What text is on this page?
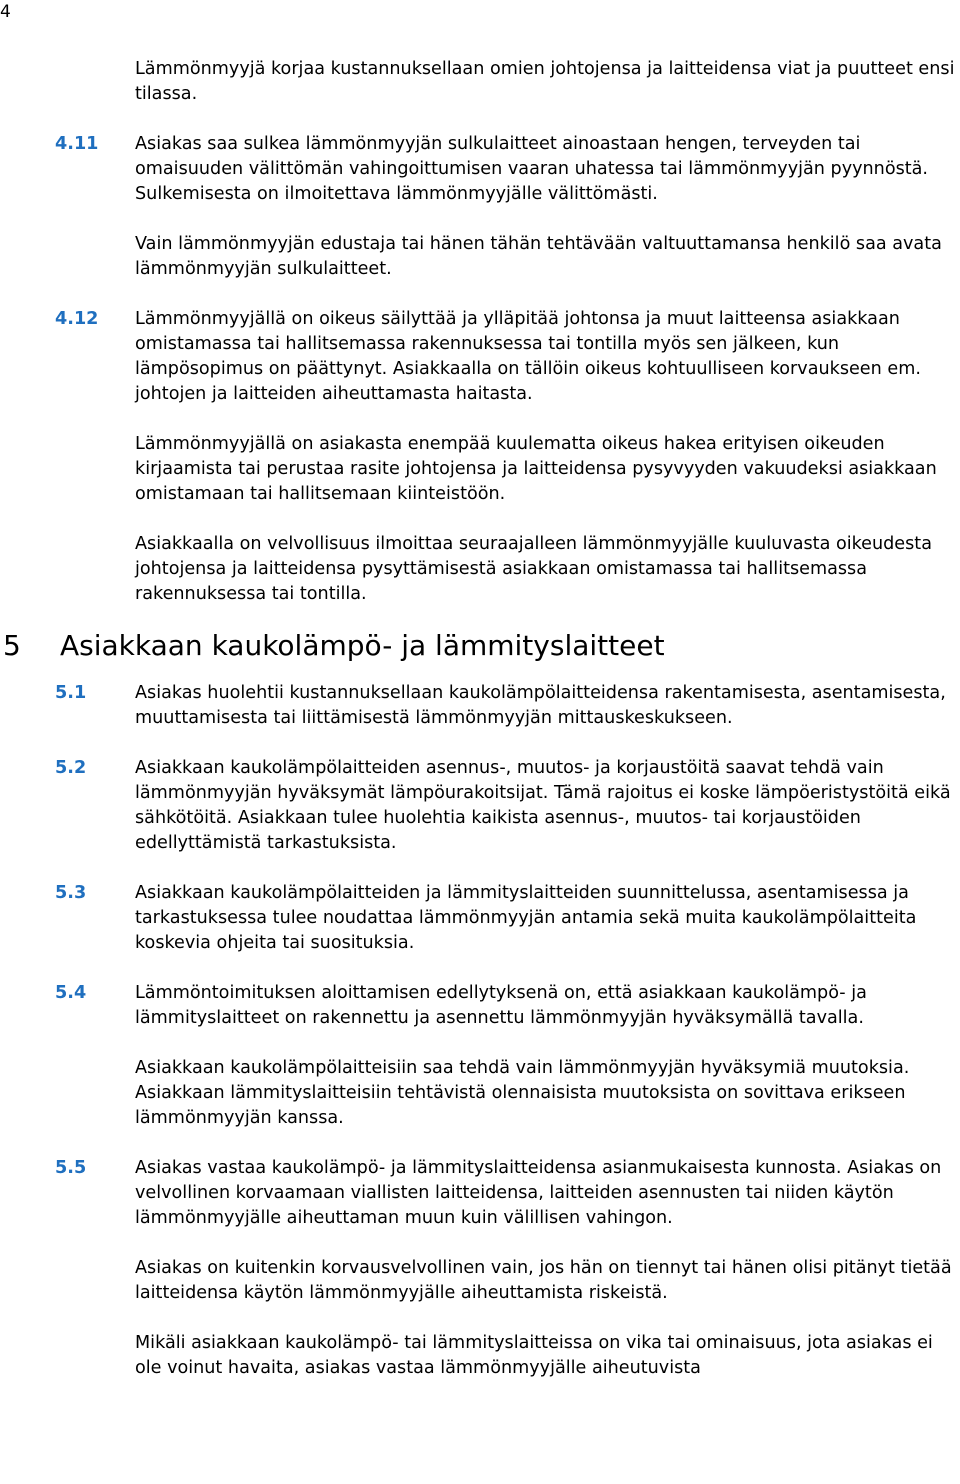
4

Lämmönmyyjä korjaa kustannuksellaan omien johtojensa ja laitteidensa viat ja puutteet ensi tilassa.

4.11	Asiakas saa sulkea lämmönmyyjän sulkulaitteet ainoastaan hengen, terveyden tai omaisuuden välittömän vahingoittumisen vaaran uhatessa tai lämmönmyyjän pyynnöstä. Sulkemisesta on ilmoitettava lämmönmyyjälle välittömästi.

Vain lämmönmyyjän edustaja tai hänen tähän tehtävään valtuuttamansa henkilö saa avata lämmönmyyjän sulkulaitteet.

4.12	Lämmönmyyjällä on oikeus säilyttää ja ylläpitää johtonsa ja muut laitteensa asiakkaan omistamassa tai hallitsemassa rakennuksessa tai tontilla myös sen jälkeen, kun lämpösopimus on päättynyt. Asiakkaalla on tällöin oikeus kohtuulliseen korvaukseen em. johtojen ja laitteiden aiheuttamasta haitasta.

Lämmönmyyjällä on asiakasta enempää kuulematta oikeus hakea erityisen oikeuden kirjaamista tai perustaa rasite johtojensa ja laitteidensa pysyvyyden vakuudeksi asiakkaan omistamaan tai hallitsemaan kiinteistöön.

Asiakkaalla on velvollisuus ilmoittaa seuraajalleen lämmönmyyjälle kuuluvasta oikeudesta johtojensa ja laitteidensa pysyttämisestä asiakkaan omistamassa tai hallitsemassa rakennuksessa tai tontilla.

5 Asiakkaan kaukolämpö- ja lämmityslaitteet
5.1	Asiakas huolehtii kustannuksellaan kaukolämpölaitteidensa rakentamisesta, asentamisesta, muuttamisesta tai liittämisestä lämmönmyyjän mittauskeskukseen.

5.2	Asiakkaan kaukolämpölaitteiden asennus-, muutos- ja korjaustöitä saavat tehdä vain lämmönmyyjän hyväksymät lämpöurakoitsijat. Tämä rajoitus ei koske lämpöeristystöitä eikä sähkötöitä. Asiakkaan tulee huolehtia kaikista asennus-, muutos- tai korjaustöiden edellyttämistä tarkastuksista.

5.3	Asiakkaan kaukolämpölaitteiden ja lämmityslaitteiden suunnittelussa, asentamisessa ja tarkastuksessa tulee noudattaa lämmönmyyjän antamia sekä muita kaukolämpölaitteita koskevia ohjeita tai suosituksia.

5.4	Lämmöntoimituksen aloittamisen edellytyksenä on, että asiakkaan kaukolämpö- ja lämmityslaitteet on rakennettu ja asennettu lämmönmyyjän hyväksymällä tavalla.

Asiakkaan kaukolämpölaitteisiin saa tehdä vain lämmönmyyjän hyväksymiä muutoksia. Asiakkaan lämmityslaitteisiin tehtävistä olennaisista muutoksista on sovittava erikseen lämmönmyyjän kanssa.

5.5	Asiakas vastaa kaukolämpö- ja lämmityslaitteidensa asianmukaisesta kunnosta. Asiakas on velvollinen korvaamaan viallisten laitteidensa, laitteiden asennusten tai niiden käytön lämmönmyyjälle aiheuttaman muun kuin välillisen vahingon.

Asiakas on kuitenkin korvausvelvollinen vain, jos hän on tiennyt tai hänen olisi pitänyt tietää laitteidensa käytön lämmönmyyjälle aiheuttamista riskeistä.

Mikäli asiakkaan kaukolämpö- tai lämmityslaitteissa on vika tai ominaisuus, jota asiakas ei ole voinut havaita, asiakas vastaa lämmönmyyjälle aiheutuvista
